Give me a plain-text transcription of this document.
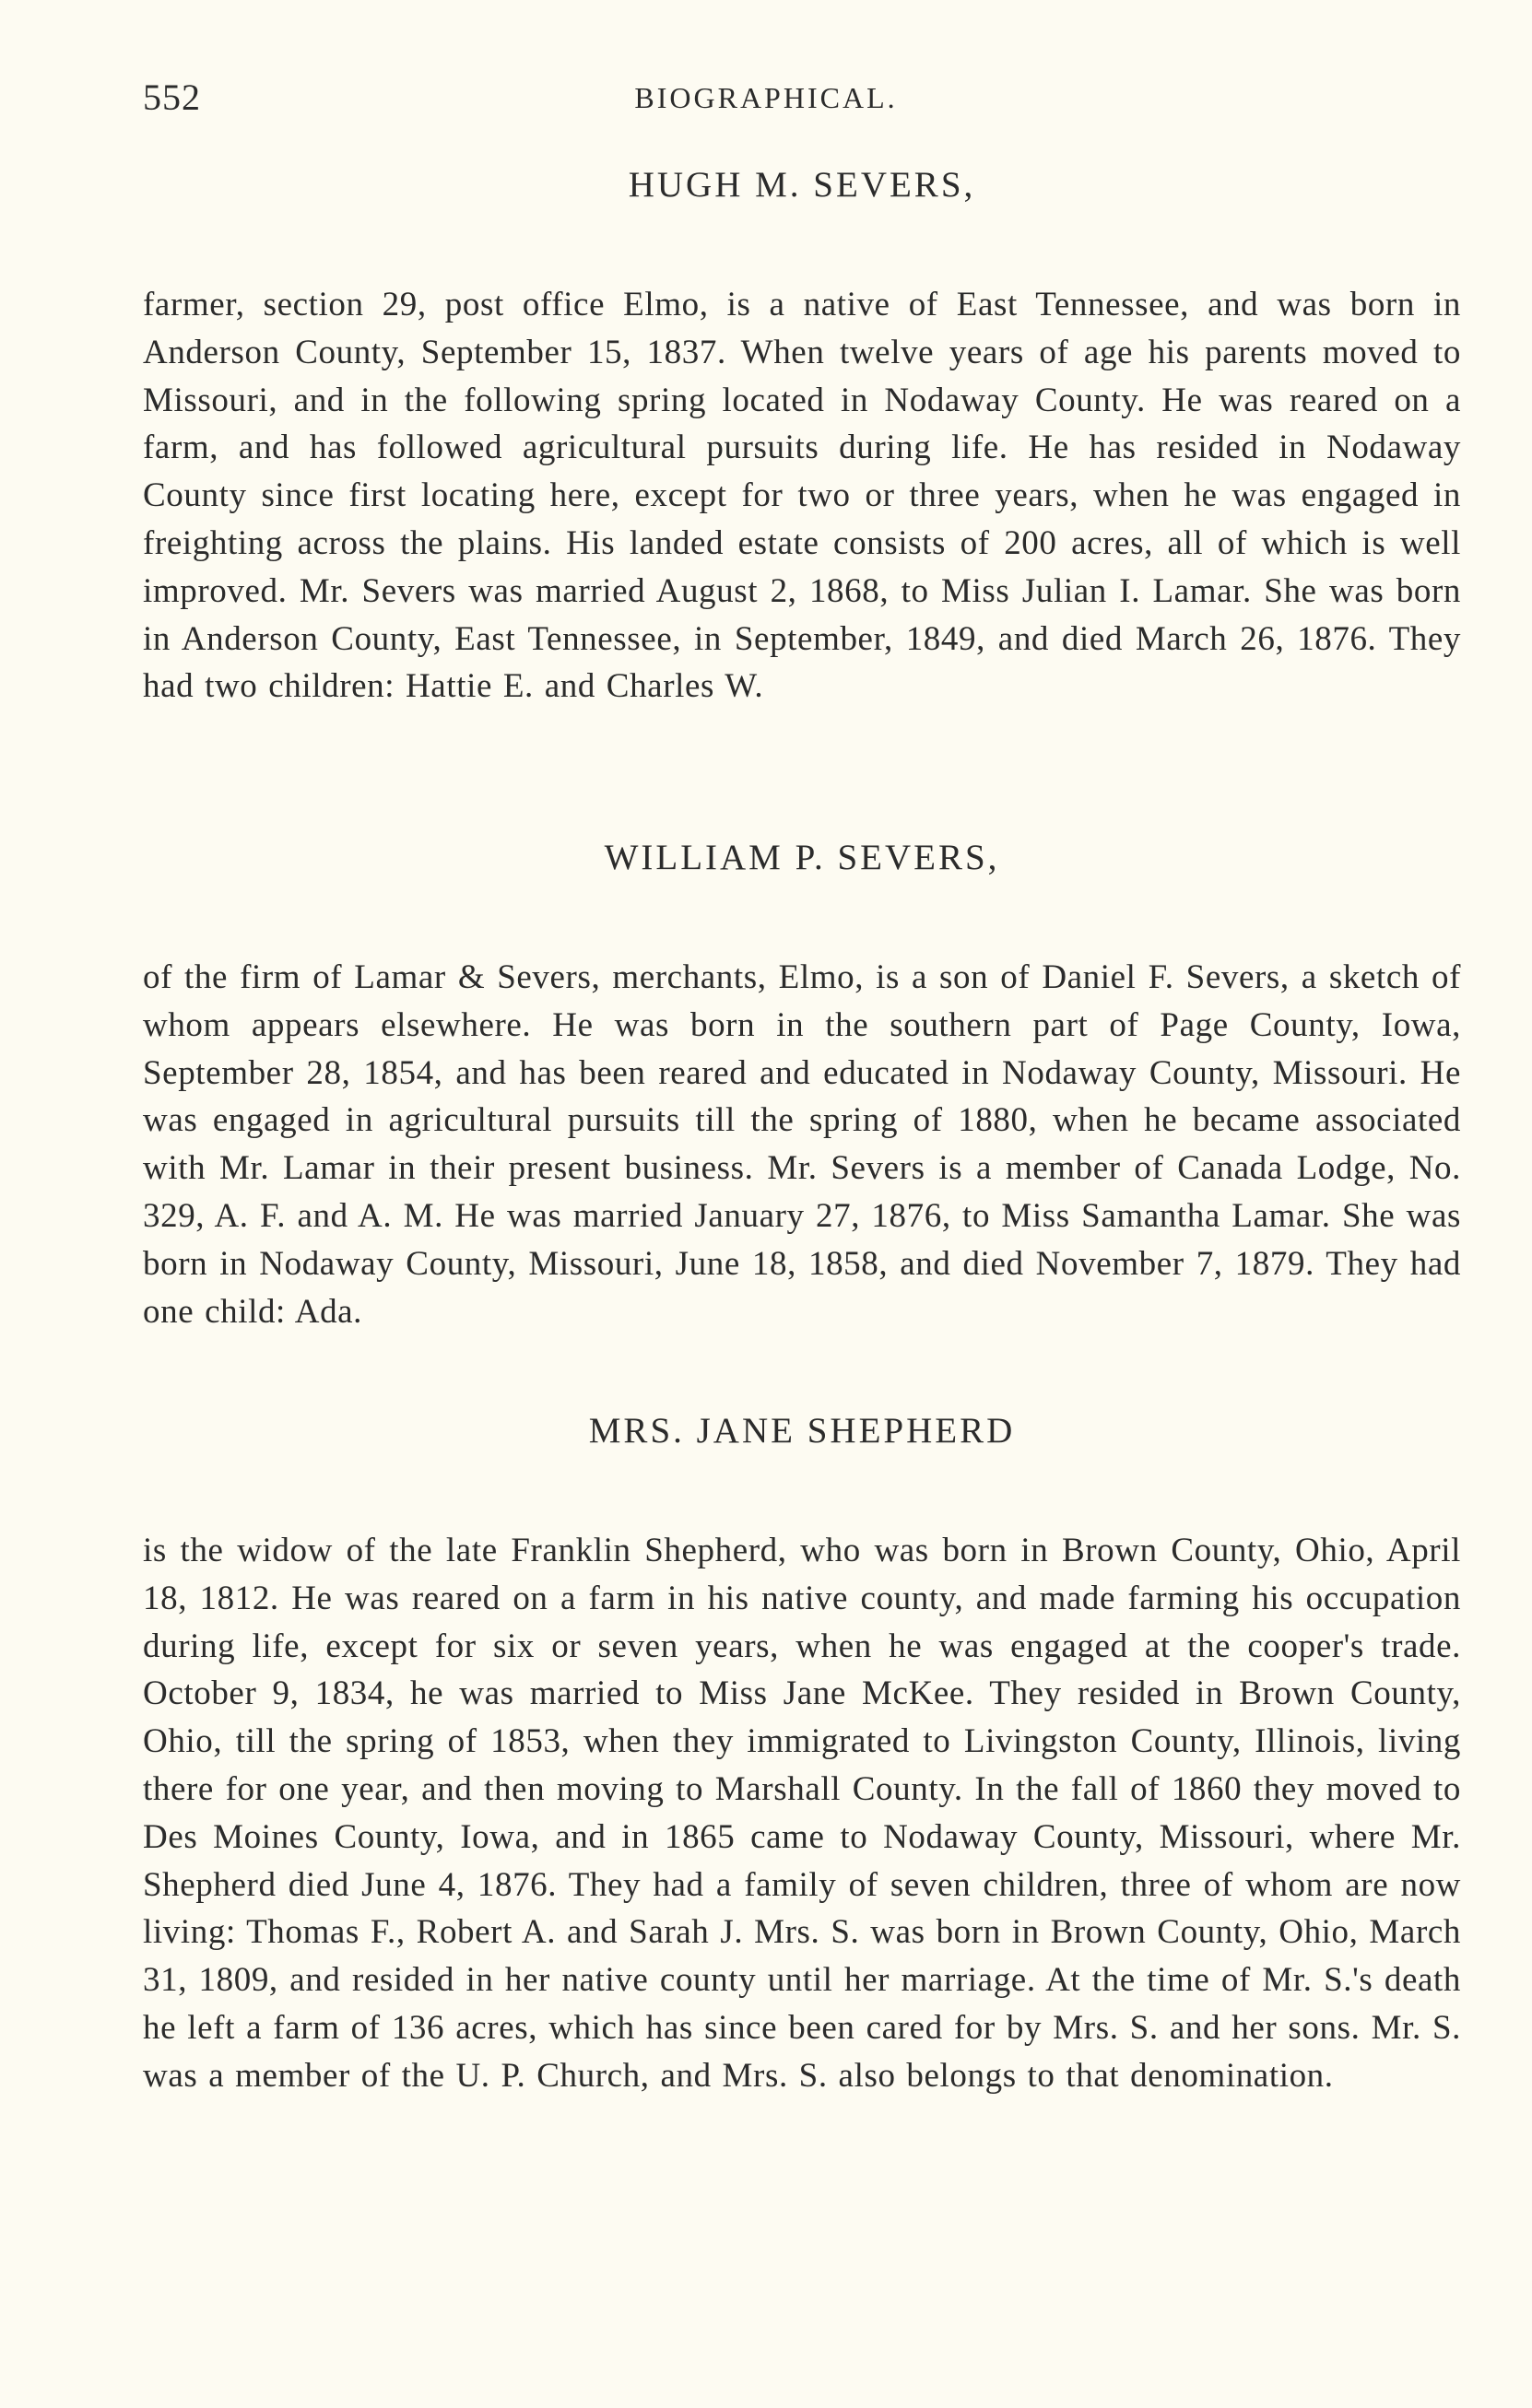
552	BIOGRAPHICAL.
HUGH M. SEVERS,

farmer, section 29, post office Elmo, is a native of East Tennessee, and was born in Anderson County, September 15, 1837. When twelve years of age his parents moved to Missouri, and in the following spring located in Nodaway County. He was reared on a farm, and has followed agricultural pursuits during life. He has resided in Nodaway County since first locating here, except for two or three years, when he was engaged in freighting across the plains. His landed estate consists of 200 acres, all of which is well improved. Mr. Severs was married August 2, 1868, to Miss Julian I. Lamar. She was born in Anderson County, East Tennessee, in September, 1849, and died March 26, 1876. They had two children: Hattie E. and Charles W.

WILLIAM P. SEVERS,

of the firm of Lamar & Severs, merchants, Elmo, is a son of Daniel F. Severs, a sketch of whom appears elsewhere. He was born in the southern part of Page County, Iowa, September 28, 1854, and has been reared and educated in Nodaway County, Missouri. He was engaged in agricultural pursuits till the spring of 1880, when he became associated with Mr. Lamar in their present business. Mr. Severs is a member of Canada Lodge, No. 329, A. F. and A. M. He was married January 27, 1876, to Miss Samantha Lamar. She was born in Nodaway County, Missouri, June 18, 1858, and died November 7, 1879. They had one child: Ada.

MRS. JANE SHEPHERD

is the widow of the late Franklin Shepherd, who was born in Brown County, Ohio, April 18, 1812. He was reared on a farm in his native county, and made farming his occupation during life, except for six or seven years, when he was engaged at the cooper's trade. October 9, 1834, he was married to Miss Jane McKee. They resided in Brown County, Ohio, till the spring of 1853, when they immigrated to Livingston County, Illinois, living there for one year, and then moving to Marshall County. In the fall of 1860 they moved to Des Moines County, Iowa, and in 1865 came to Nodaway County, Missouri, where Mr. Shepherd died June 4, 1876. They had a family of seven children, three of whom are now living: Thomas F., Robert A. and Sarah J. Mrs. S. was born in Brown County, Ohio, March 31, 1809, and resided in her native county until her marriage. At the time of Mr. S.'s death he left a farm of 136 acres, which has since been cared for by Mrs. S. and her sons. Mr. S. was a member of the U. P. Church, and Mrs. S. also belongs to that denomination.
